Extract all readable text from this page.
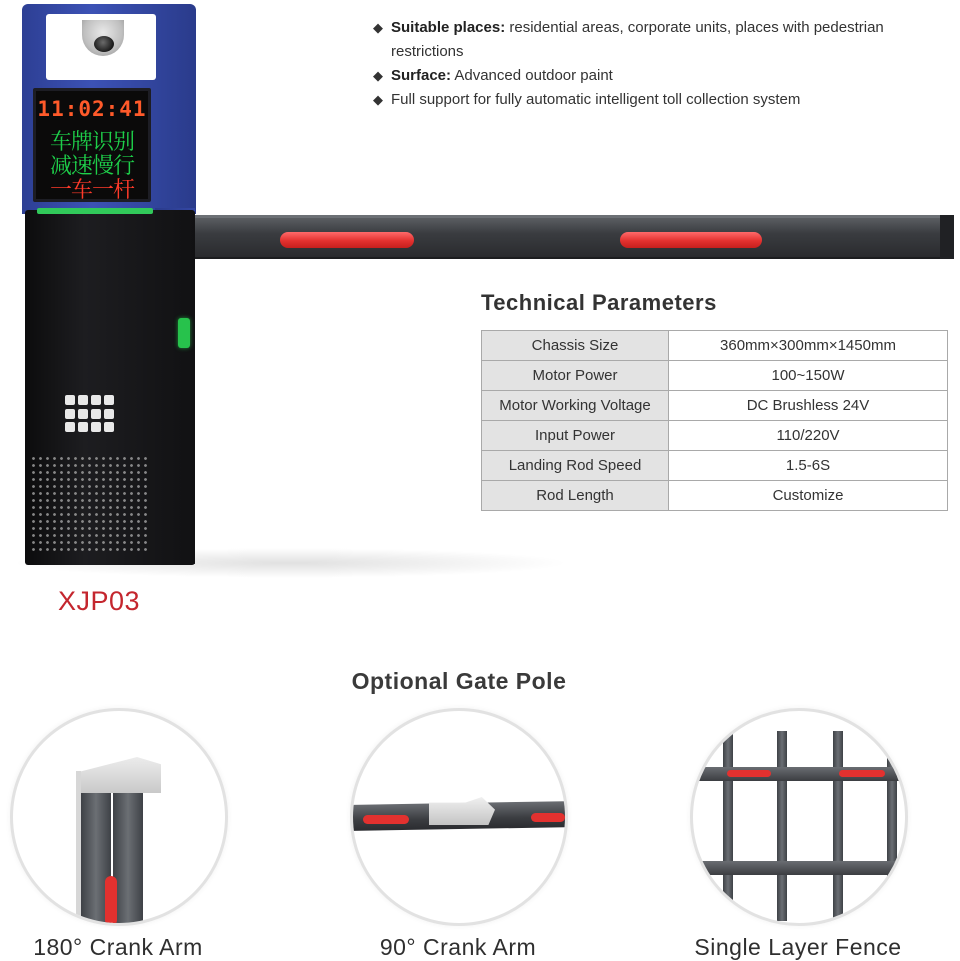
11:02:41
车牌识别
减速慢行
一车一杆

◆ Suitable places: residential areas, corporate units, places with pedestrian restrictions

◆ Surface: Advanced outdoor paint

◆ Full support for fully automatic intelligent toll collection system

Technical Parameters
Chassis Size	360mm×300mm×1450mm
Motor Power	100~150W
Motor Working Voltage	DC Brushless 24V
Input Power	110/220V
Landing Rod Speed	1.5-6S
Rod Length	Customize
XJP03
Optional Gate Pole
180° Crank Arm	90° Crank Arm	Single Layer Fence
